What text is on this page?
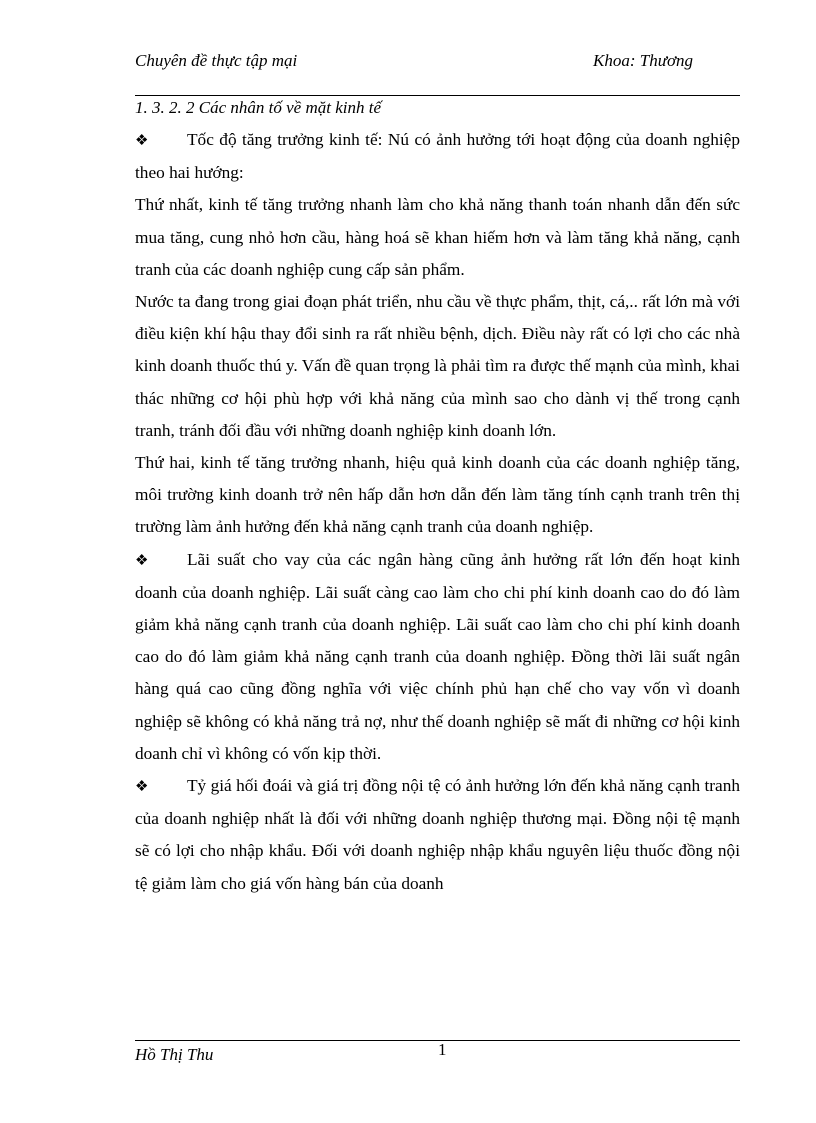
Chuyên đề thực tập mại	Khoa: Thương
1. 3. 2. 2 Các nhân tố về mặt kinh tế

❖ Tốc độ tăng trưởng kinh tế: Nú có ảnh hưởng tới hoạt động của doanh nghiệp theo hai hướng:

Thứ nhất, kinh tế tăng trưởng nhanh làm cho khả năng thanh toán nhanh dẫn đến sức mua tăng, cung nhỏ hơn cầu, hàng hoá sẽ khan hiếm hơn và làm tăng khả năng, cạnh tranh của các doanh nghiệp cung cấp sản phẩm.

Nước ta đang trong giai đoạn phát triển, nhu cầu về thực phẩm, thịt, cá,.. rất lớn mà với điều kiện khí hậu thay đổi sinh ra rất nhiều bệnh, dịch. Điều này rất có lợi cho các nhà kinh doanh thuốc thú y. Vấn đề quan trọng là phải tìm ra được thế mạnh của mình, khai thác những cơ hội phù hợp với khả năng của mình sao cho dành vị thế trong cạnh tranh, tránh đối đầu với những doanh nghiệp kinh doanh lớn.

Thứ hai, kinh tế tăng trưởng nhanh, hiệu quả kinh doanh của các doanh nghiệp tăng, môi trường kinh doanh trở nên hấp dẫn hơn dẫn đến làm tăng tính cạnh tranh trên thị trường làm ảnh hưởng đến khả năng cạnh tranh của doanh nghiệp.

❖ Lãi suất cho vay của các ngân hàng cũng ảnh hưởng rất lớn đến hoạt kinh doanh của doanh nghiệp. Lãi suất càng cao làm cho chi phí kinh doanh cao do đó làm giảm khả năng cạnh tranh của doanh nghiệp. Lãi suất cao làm cho chi phí kinh doanh cao do đó làm giảm khả năng cạnh tranh của doanh nghiệp. Đồng thời lãi suất ngân hàng quá cao cũng đồng nghĩa với việc chính phủ hạn chế cho vay vốn vì doanh nghiệp sẽ không có khả năng trả nợ, như thế doanh nghiệp sẽ mất đi những cơ hội kinh doanh chỉ vì không có vốn kịp thời.

❖ Tỷ giá hối đoái và giá trị đồng nội tệ có ảnh hưởng lớn đến khả năng cạnh tranh của doanh nghiệp nhất là đối với những doanh nghiệp thương mại. Đồng nội tệ mạnh sẽ có lợi cho nhập khẩu. Đối với doanh nghiệp nhập khẩu nguyên liệu thuốc đồng nội tệ giảm làm cho giá vốn hàng bán của doanh

Hồ Thị Thu	1
